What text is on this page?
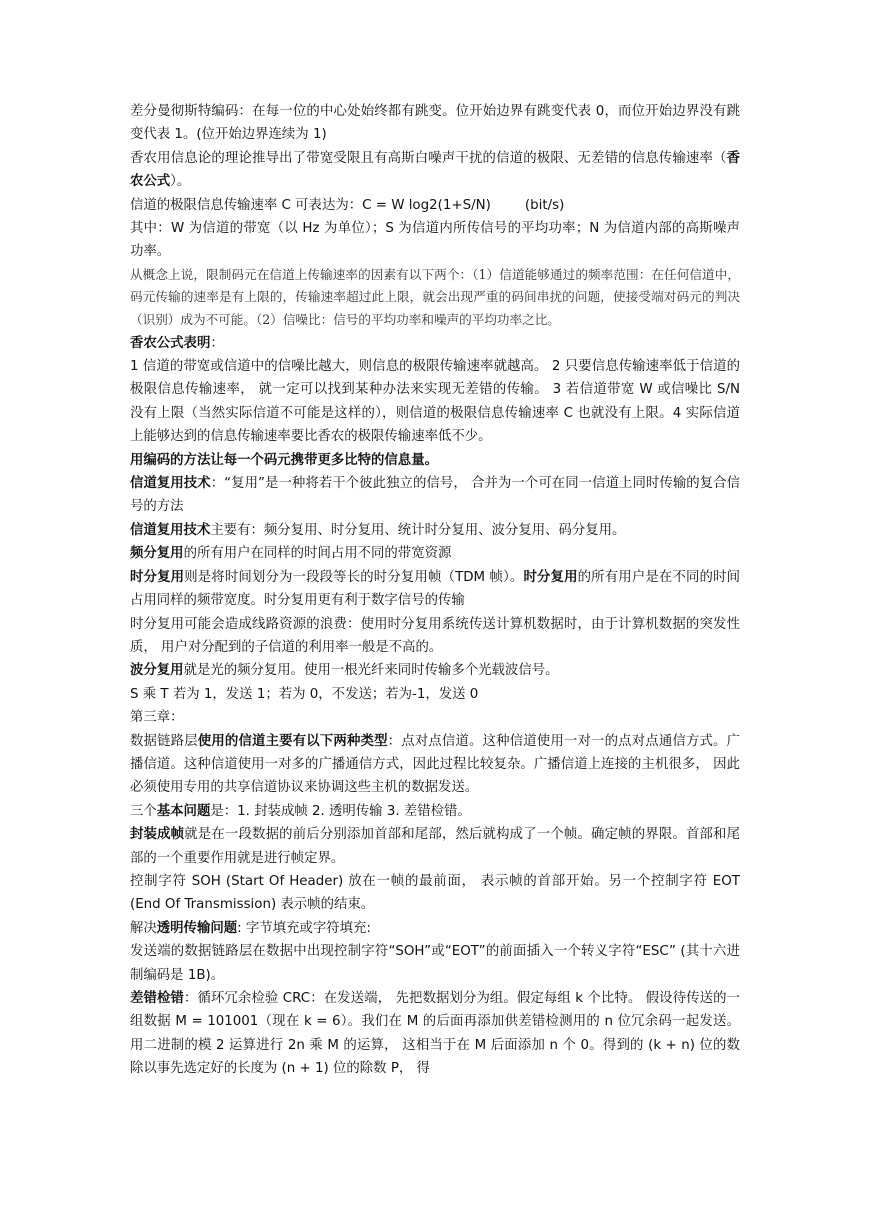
差分曼彻斯特编码：在每一位的中心处始终都有跳变。位开始边界有跳变代表 0，而位开始边界没有跳变代表 1。(位开始边界连续为 1)

香农用信息论的理论推导出了带宽受限且有高斯白噪声干扰的信道的极限、无差错的信息传输速率（香农公式）。

信道的极限信息传输速率 C 可表达为：C = W log2(1+S/N)        (bit/s)

其中：W 为信道的带宽（以 Hz 为单位）；S 为信道内所传信号的平均功率；N 为信道内部的高斯噪声功率。

从概念上说，限制码元在信道上传输速率的因素有以下两个：（1）信道能够通过的频率范围：在任何信道中，码元传输的速率是有上限的，传输速率超过此上限，就会出现严重的码间串扰的问题，使接受端对码元的判决（识别）成为不可能。（2）信噪比：信号的平均功率和噪声的平均功率之比。

香农公式表明：

1 信道的带宽或信道中的信噪比越大，则信息的极限传输速率就越高。 2 只要信息传输速率低于信道的极限信息传输速率， 就一定可以找到某种办法来实现无差错的传输。 3 若信道带宽 W 或信噪比 S/N 没有上限（当然实际信道不可能是这样的），则信道的极限信息传输速率 C 也就没有上限。4 实际信道上能够达到的信息传输速率要比香农的极限传输速率低不少。

用编码的方法让每一个码元携带更多比特的信息量。

信道复用技术：“复用”是一种将若干个彼此独立的信号， 合并为一个可在同一信道上同时传输的复合信号的方法

信道复用技术主要有：频分复用、时分复用、统计时分复用、波分复用、码分复用。

频分复用的所有用户在同样的时间占用不同的带宽资源

时分复用则是将时间划分为一段段等长的时分复用帧（TDM 帧）。时分复用的所有用户是在不同的时间占用同样的频带宽度。时分复用更有利于数字信号的传输

时分复用可能会造成线路资源的浪费：使用时分复用系统传送计算机数据时，由于计算机数据的突发性质， 用户对分配到的子信道的利用率一般是不高的。

波分复用就是光的频分复用。使用一根光纤来同时传输多个光载波信号。

S 乘 T 若为 1，发送 1；若为 0，不发送；若为-1，发送 0

第三章：

数据链路层使用的信道主要有以下两种类型：点对点信道。这种信道使用一对一的点对点通信方式。广播信道。这种信道使用一对多的广播通信方式，因此过程比较复杂。广播信道上连接的主机很多， 因此必须使用专用的共享信道协议来协调这些主机的数据发送。

三个基本问题是：1. 封装成帧 2. 透明传输 3. 差错检错。

封装成帧就是在一段数据的前后分别添加首部和尾部，然后就构成了一个帧。确定帧的界限。首部和尾部的一个重要作用就是进行帧定界。

控制字符 SOH (Start Of Header) 放在一帧的最前面， 表示帧的首部开始。另一个控制字符 EOT (End Of Transmission) 表示帧的结束。

解决透明传输问题: 字节填充或字符填充:

发送端的数据链路层在数据中出现控制字符“SOH”或“EOT”的前面插入一个转义字符“ESC” (其十六进制编码是 1B)。

差错检错：循环冗余检验 CRC：在发送端， 先把数据划分为组。假定每组 k 个比特。 假设待传送的一组数据 M = 101001（现在 k = 6）。我们在 M 的后面再添加供差错检测用的 n 位冗余码一起发送。   用二进制的模 2 运算进行 2n 乘 M 的运算， 这相当于在 M 后面添加 n 个 0。得到的 (k + n) 位的数除以事先选定好的长度为 (n + 1) 位的除数 P， 得
